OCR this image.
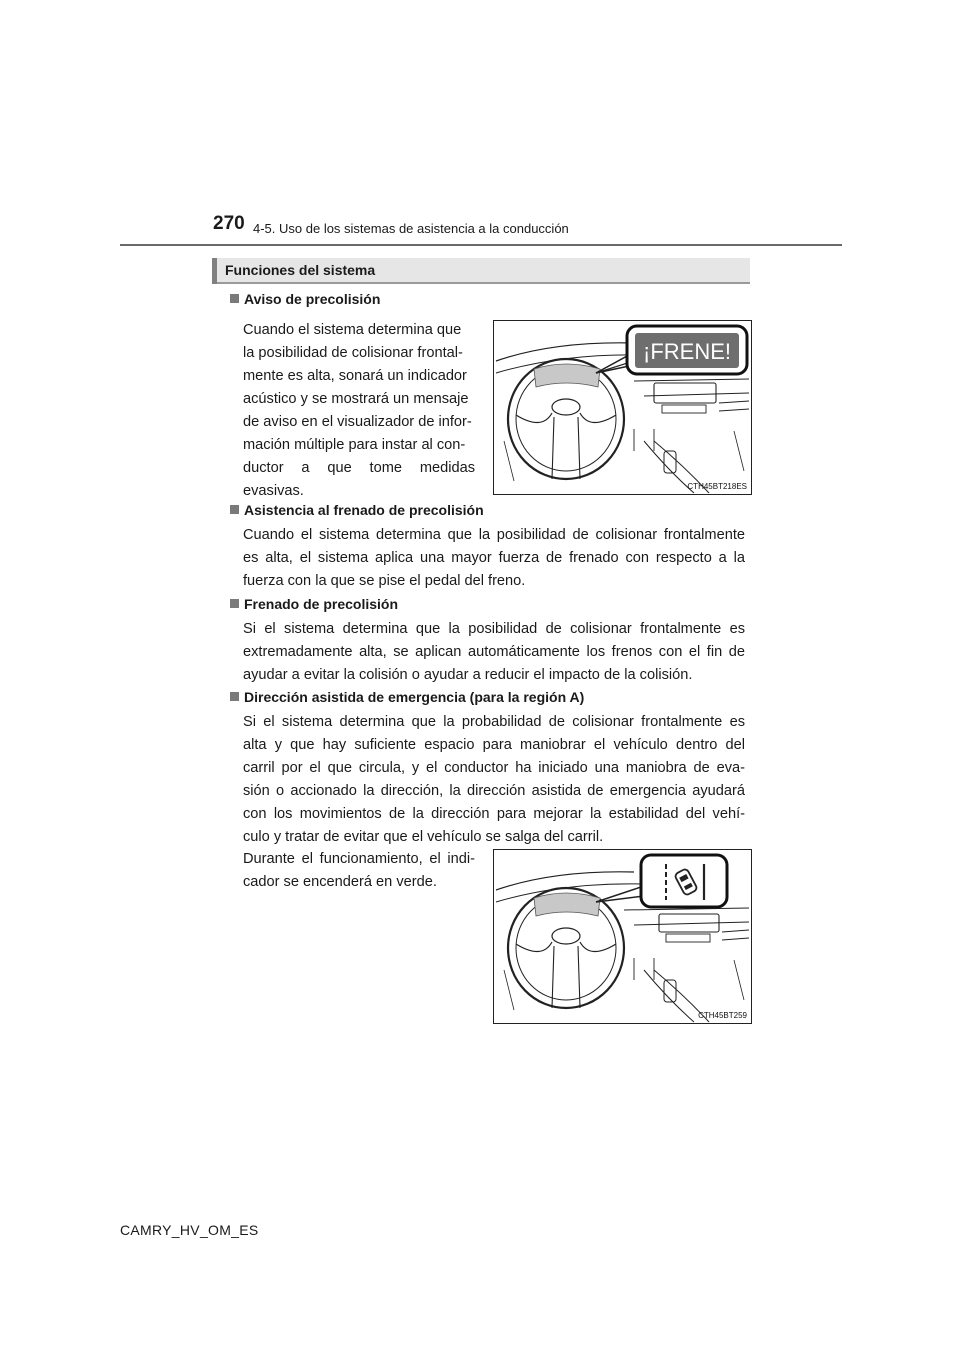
270 4-5. Uso de los sistemas de asistencia a la conducción
Funciones del sistema
Aviso de precolisión

Cuando el sistema determina que
la posibilidad de colisionar frontal-
mente es alta, sonará un indicador
acústico y se mostrará un mensaje
de aviso en el visualizador de infor-
mación múltiple para instar al con-
ductor a que tome medidas
evasivas.

¡FRENE!
CTH45BT218ES
Asistencia al frenado de precolisión

Cuando el sistema determina que la posibilidad de colisionar frontalmente
es alta, el sistema aplica una mayor fuerza de frenado con respecto a la
fuerza con la que se pise el pedal del freno.

Frenado de precolisión

Si el sistema determina que la posibilidad de colisionar frontalmente es
extremadamente alta, se aplican automáticamente los frenos con el fin de
ayudar a evitar la colisión o ayudar a reducir el impacto de la colisión.

Dirección asistida de emergencia (para la región A)

Si el sistema determina que la probabilidad de colisionar frontalmente es
alta y que hay suficiente espacio para maniobrar el vehículo dentro del
carril por el que circula, y el conductor ha iniciado una maniobra de eva-
sión o accionado la dirección, la dirección asistida de emergencia ayudará
con los movimientos de la dirección para mejorar la estabilidad del vehí-
culo y tratar de evitar que el vehículo se salga del carril.

Durante el funcionamiento, el indi-
cador se encenderá en verde.

CTH45BT259
CAMRY_HV_OM_ES
